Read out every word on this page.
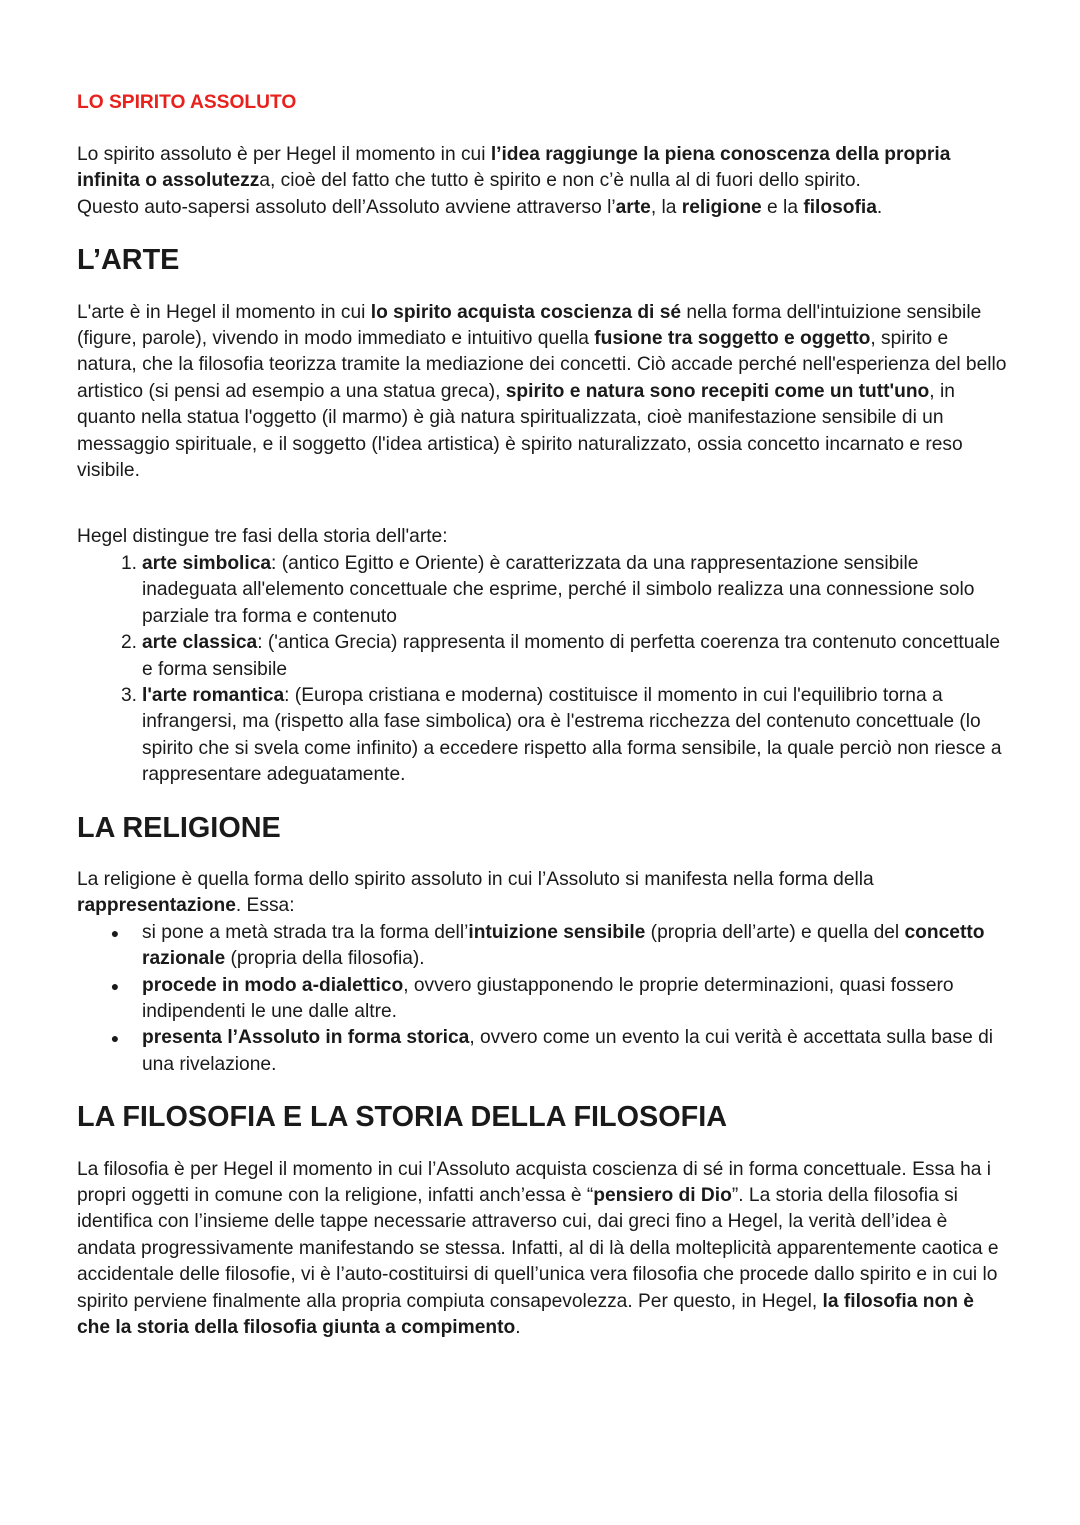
LO SPIRITO ASSOLUTO

Lo spirito assoluto è per Hegel il momento in cui l’idea raggiunge la piena conoscenza della propria infinita o assolutezza, cioè del fatto che tutto è spirito e non c’è nulla al di fuori dello spirito.

Questo auto-sapersi assoluto dell’Assoluto avviene attraverso l’arte, la religione e la filosofia.

L’ARTE

L'arte è in Hegel il momento in cui lo spirito acquista coscienza di sé nella forma dell'intuizione sensibile (figure, parole), vivendo in modo immediato e intuitivo quella fusione tra soggetto e oggetto, spirito e natura, che la filosofia teorizza tramite la mediazione dei concetti. Ciò accade perché nell'esperienza del bello artistico (si pensi ad esempio a una statua greca), spirito e natura sono recepiti come un tutt'uno, in quanto nella statua l'oggetto (il marmo) è già natura spiritualizzata, cioè manifestazione sensibile di un messaggio spirituale, e il soggetto (l'idea artistica) è spirito naturalizzato, ossia concetto incarnato e reso visibile.

Hegel distingue tre fasi della storia dell'arte:

1. arte simbolica: (antico Egitto e Oriente) è caratterizzata da una rappresentazione sensibile inadeguata all'elemento concettuale che esprime, perché il simbolo realizza una connessione solo parziale tra forma e contenuto
2. arte classica: ('antica Grecia) rappresenta il momento di perfetta coerenza tra contenuto concettuale e forma sensibile
3. l'arte romantica: (Europa cristiana e moderna) costituisce il momento in cui l'equilibrio torna a infrangersi, ma (rispetto alla fase simbolica) ora è l'estrema ricchezza del contenuto concettuale (lo spirito che si svela come infinito) a eccedere rispetto alla forma sensibile, la quale perciò non riesce a rappresentare adeguatamente.
LA RELIGIONE

La religione è quella forma dello spirito assoluto in cui l’Assoluto si manifesta nella forma della rappresentazione. Essa:

● si pone a metà strada tra la forma dell’intuizione sensibile (propria dell’arte) e quella del concetto razionale (propria della filosofia).
● procede in modo a-dialettico, ovvero giustapponendo le proprie determinazioni, quasi fossero indipendenti le une dalle altre.
● presenta l’Assoluto in forma storica, ovvero come un evento la cui verità è accettata sulla base di una rivelazione.
LA FILOSOFIA E LA STORIA DELLA FILOSOFIA

La filosofia è per Hegel il momento in cui l’Assoluto acquista coscienza di sé in forma concettuale. Essa ha i propri oggetti in comune con la religione, infatti anch’essa è “pensiero di Dio”. La storia della filosofia si identifica con l’insieme delle tappe necessarie attraverso cui, dai greci fino a Hegel, la verità dell’idea è andata progressivamente manifestando se stessa. Infatti, al di là della molteplicità apparentemente caotica e accidentale delle filosofie, vi è l’auto-costituirsi di quell’unica vera filosofia che procede dallo spirito e in cui lo spirito perviene finalmente alla propria compiuta consapevolezza. Per questo, in Hegel, la filosofia non è che la storia della filosofia giunta a compimento.
